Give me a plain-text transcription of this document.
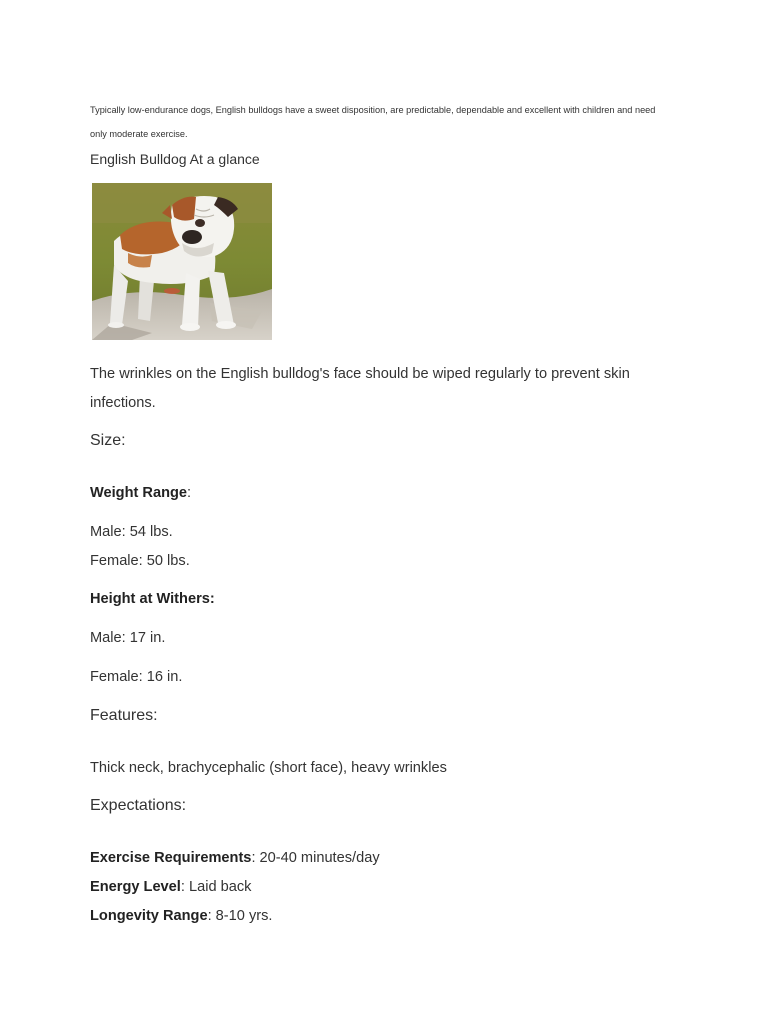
Typically low-endurance dogs, English bulldogs have a sweet disposition, are predictable, dependable and excellent with children and need

only moderate exercise.

English Bulldog At a glance

The wrinkles on the English bulldog's face should be wiped regularly to prevent skin

infections.

Size:

Weight Range:

Male: 54 lbs.

Female: 50 lbs.

Height at Withers:

Male: 17 in.

Female: 16 in.

Features:

Thick neck, brachycephalic (short face), heavy wrinkles

Expectations:

Exercise Requirements: 20-40 minutes/day

Energy Level: Laid back

Longevity Range: 8-10 yrs.
